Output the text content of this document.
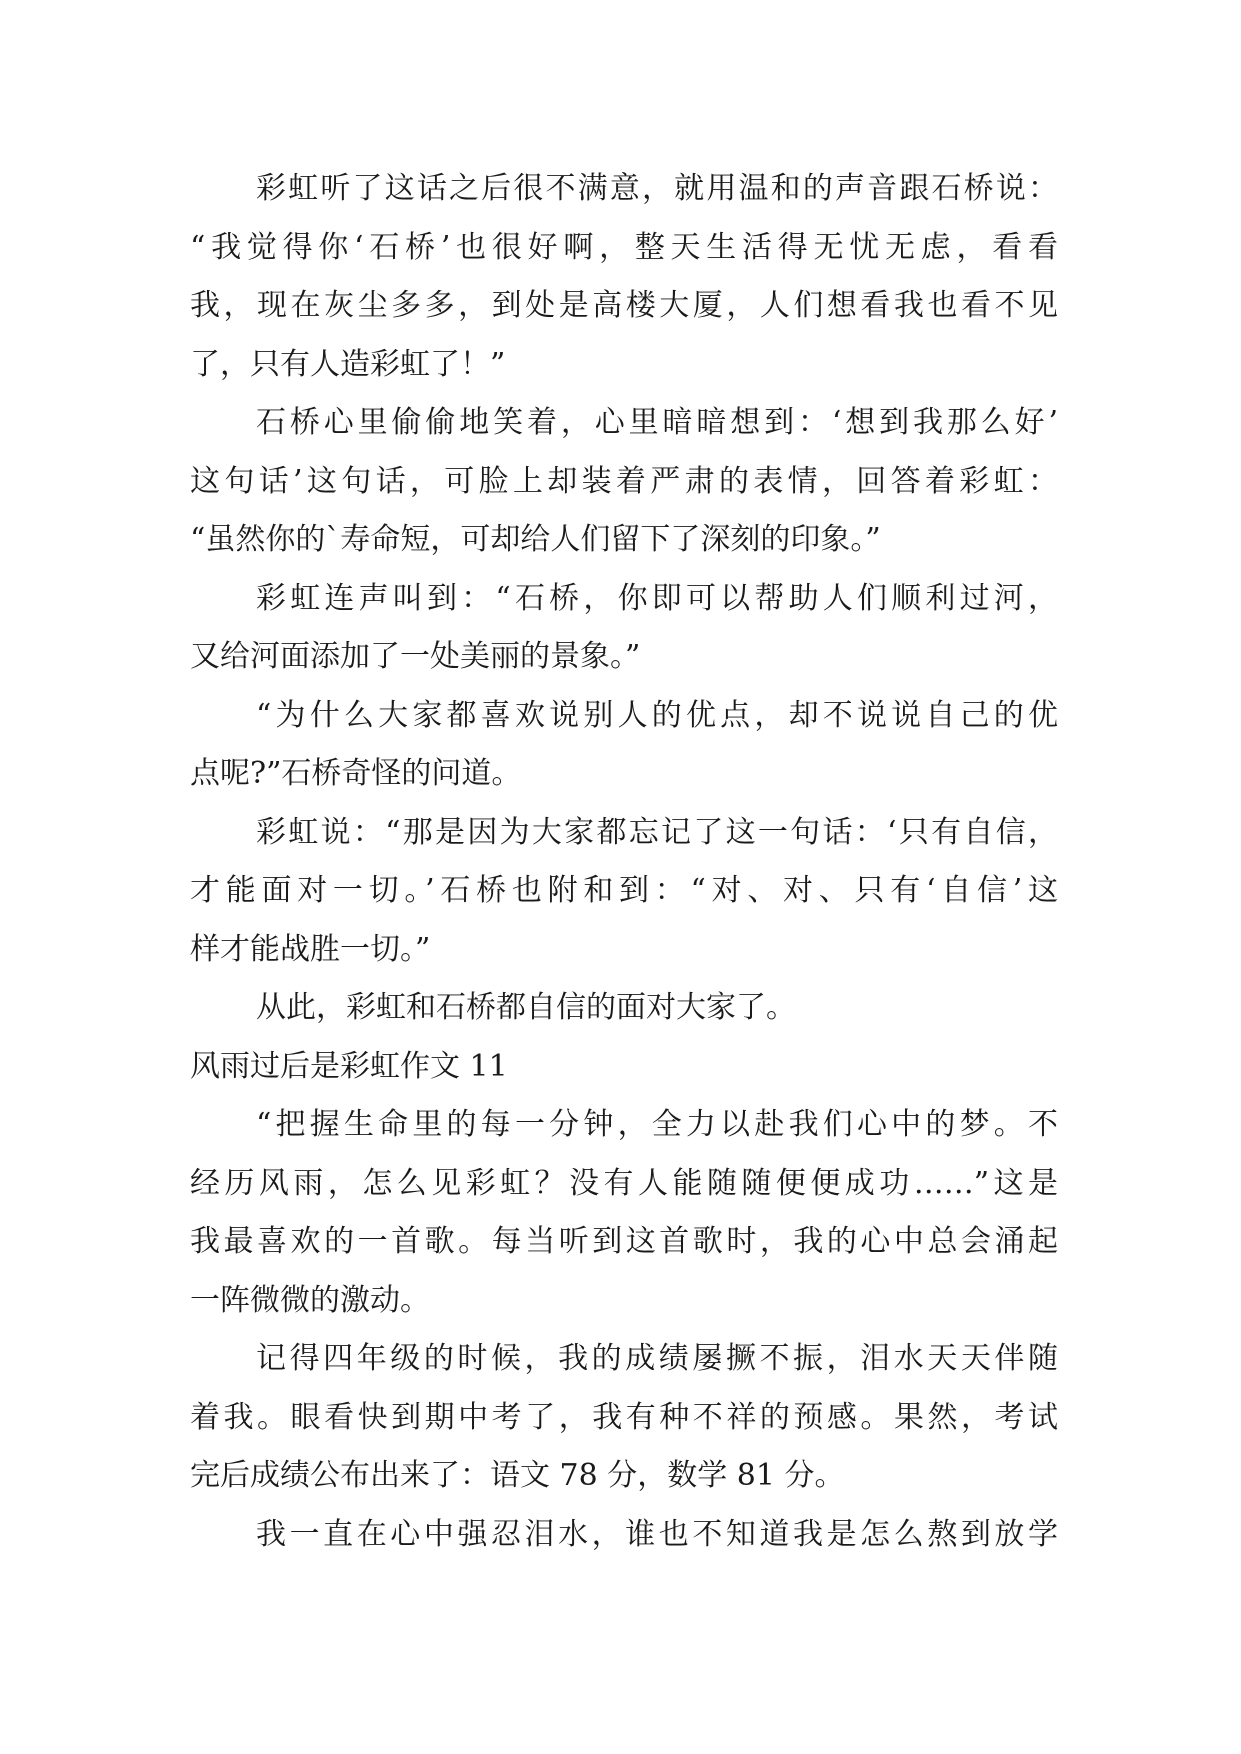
彩虹听了这话之后很不满意，就用温和的声音跟石桥说：
“我觉得你‘石桥’也很好啊，整天生活得无忧无虑，看看
我，现在灰尘多多，到处是高楼大厦，人们想看我也看不见
了，只有人造彩虹了！”
石桥心里偷偷地笑着，心里暗暗想到：‘想到我那么好’
这句话’这句话，可脸上却装着严肃的表情，回答着彩虹：
“虽然你的`寿命短，可却给人们留下了深刻的印象。”
彩虹连声叫到：“石桥，你即可以帮助人们顺利过河，
又给河面添加了一处美丽的景象。”
“为什么大家都喜欢说别人的优点，却不说说自己的优
点呢?”石桥奇怪的问道。
彩虹说：“那是因为大家都忘记了这一句话：‘只有自信，
才能面对一切。’石桥也附和到：“对、对、只有‘自信’这
样才能战胜一切。”
从此，彩虹和石桥都自信的面对大家了。
风雨过后是彩虹作文 11
“把握生命里的每一分钟，全力以赴我们心中的梦。不
经历风雨，怎么见彩虹？没有人能随随便便成功……”这是
我最喜欢的一首歌。每当听到这首歌时，我的心中总会涌起
一阵微微的激动。
记得四年级的时候，我的成绩屡撅不振，泪水天天伴随
着我。眼看快到期中考了，我有种不祥的预感。果然，考试
完后成绩公布出来了：语文 78 分，数学 81 分。
我一直在心中强忍泪水，谁也不知道我是怎么熬到放学
